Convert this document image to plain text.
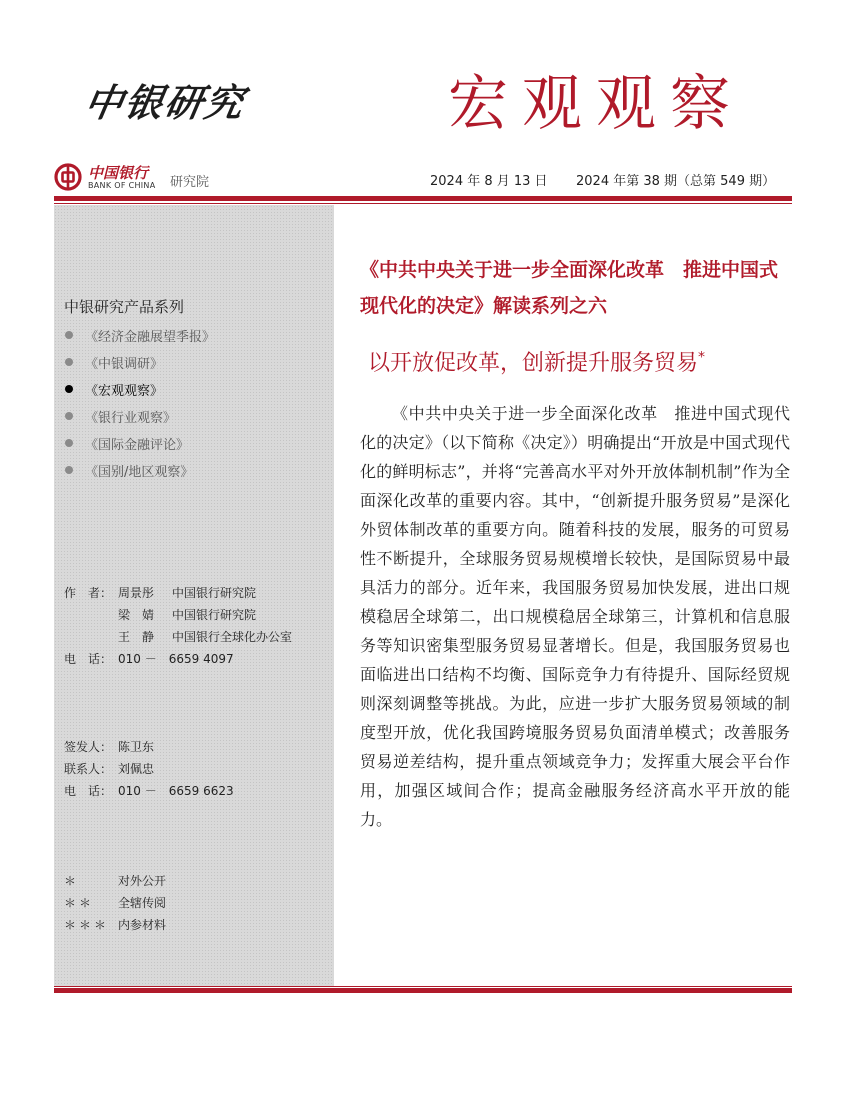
中银研究	宏观观察
中国银行
BANK OF CHINA 研究院	2024 年 8 月 13 日 2024 年第 38 期（总第 549 期）
中银研究产品系列
《经济金融展望季报》
《中银调研》
《宏观观察》
《银行业观察》
《国际金融评论》
《国别/地区观察》
作　者： 周景彤 中国银行研究院
梁　婧 中国银行研究院
王　静 中国银行全球化办公室
电　话： 010 －　6659 4097
签发人： 陈卫东
联系人： 刘佩忠
电　话： 010 －　6659 6623
＊	对外公开
＊＊ 全辖传阅
＊＊＊ 内参材料
《中共中央关于进一步全面深化改革　推进中国式现代化的决定》解读系列之六
以开放促改革，创新提升服务贸易*
《中共中央关于进一步全面深化改革　推进中国式现代化的决定》（以下简称《决定》）明确提出“开放是中国式现代化的鲜明标志”，并将“完善高水平对外开放体制机制”作为全面深化改革的重要内容。其中，“创新提升服务贸易”是深化外贸体制改革的重要方向。随着科技的发展，服务的可贸易性不断提升，全球服务贸易规模增长较快，是国际贸易中最具活力的部分。近年来，我国服务贸易加快发展，进出口规模稳居全球第二，出口规模稳居全球第三，计算机和信息服务等知识密集型服务贸易显著增长。但是，我国服务贸易也面临进出口结构不均衡、国际竞争力有待提升、国际经贸规则深刻调整等挑战。为此，应进一步扩大服务贸易领域的制度型开放，优化我国跨境服务贸易负面清单模式；改善服务贸易逆差结构，提升重点领域竞争力；发挥重大展会平台作用，加强区域间合作；提高金融服务经济高水平开放的能力。
